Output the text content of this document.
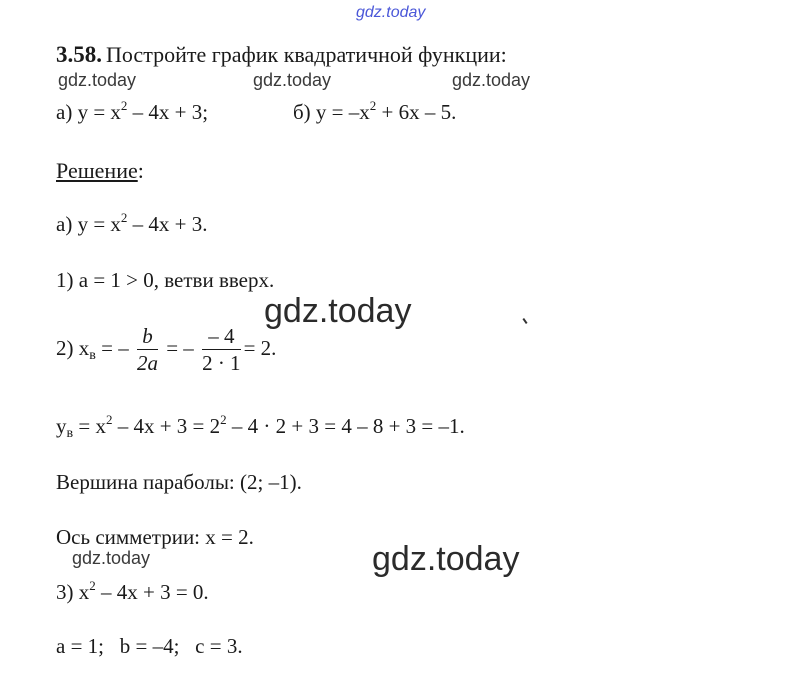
gdz.today
3.58. Постройте график квадратичной функции:
gdz.today	gdz.today	gdz.today
а) $y = x^2 - 4x + 3$;	б) $y = -x^2 + 6x - 5$.
Решение:
а) $y = x^2 - 4x + 3$.
1) a = 1 > 0, ветви вверх.
gdz.today
2) $x_в$ = – $\frac{b}{2a}$ = – $\frac{- 4}{2 \cdot 1} = 2$.
$y_в = x^2 - 4x + 3 = 2^2 - 4 \cdot 2 + 3 = 4 - 8 + 3 = -1$.
Вершина параболы: (2; –1).
Ось симметрии: x = 2.
gdz.today	gdz.today
3) $x^2 - 4x + 3 = 0$.
a = 1;   b = –4;   c = 3.
